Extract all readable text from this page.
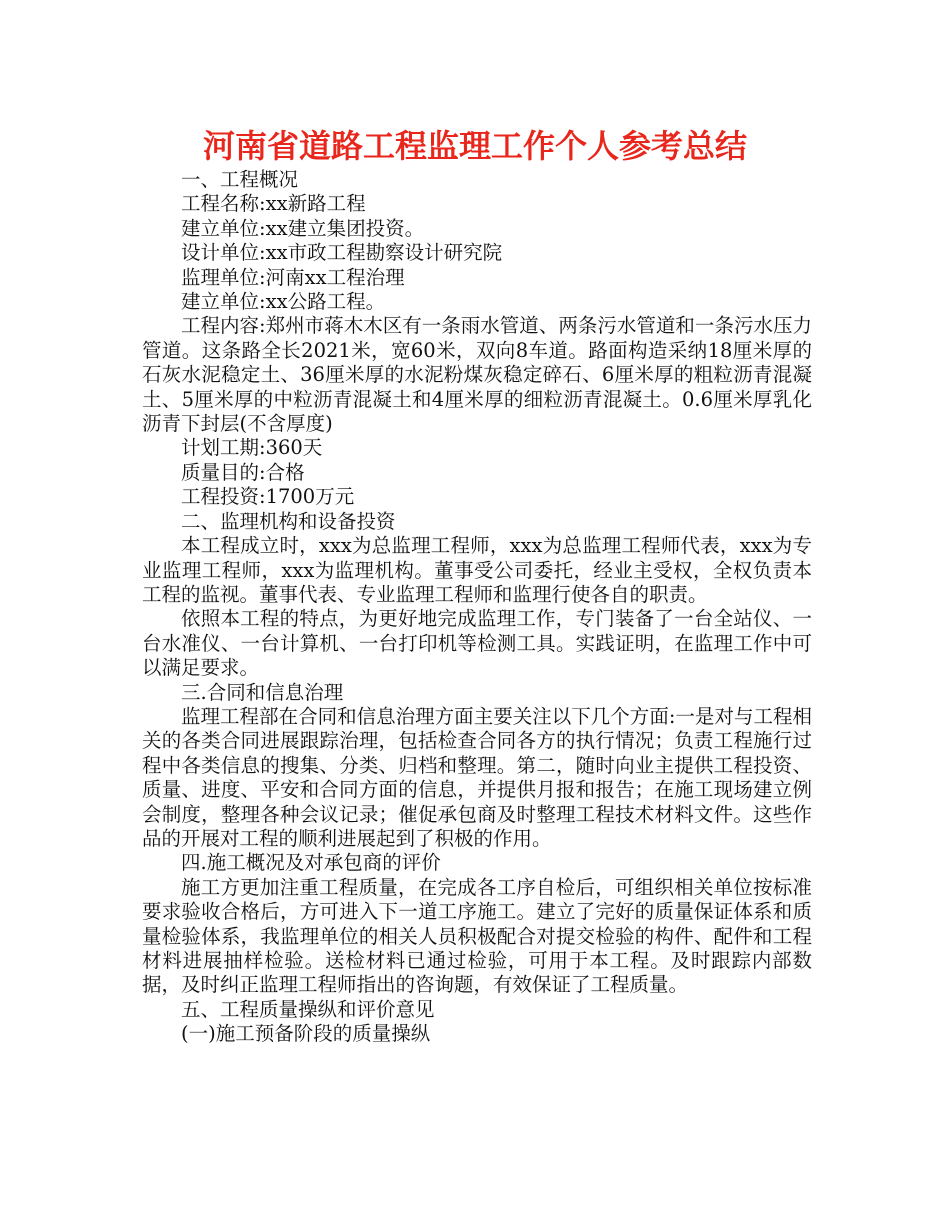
河南省道路工程监理工作个人参考总结

一、工程概况

工程名称:xx新路工程

建立单位:xx建立集团投资。

设计单位:xx市政工程勘察设计研究院

监理单位:河南xx工程治理

建立单位:xx公路工程。

工程内容:郑州市蒋木木区有一条雨水管道、两条污水管道和一条污水压力管道。这条路全长2021米，宽60米，双向8车道。路面构造采纳18厘米厚的石灰水泥稳定土、36厘米厚的水泥粉煤灰稳定碎石、6厘米厚的粗粒沥青混凝土、5厘米厚的中粒沥青混凝土和4厘米厚的细粒沥青混凝土。0.6厘米厚乳化沥青下封层(不含厚度)

计划工期:360天

质量目的:合格

工程投资:1700万元

二、监理机构和设备投资

本工程成立时，xxx为总监理工程师，xxx为总监理工程师代表，xxx为专业监理工程师，xxx为监理机构。董事受公司委托，经业主受权，全权负责本工程的监视。董事代表、专业监理工程师和监理行使各自的职责。

依照本工程的特点，为更好地完成监理工作，专门装备了一台全站仪、一台水准仪、一台计算机、一台打印机等检测工具。实践证明，在监理工作中可以满足要求。

三.合同和信息治理

监理工程部在合同和信息治理方面主要关注以下几个方面:一是对与工程相关的各类合同进展跟踪治理，包括检查合同各方的执行情况；负责工程施行过程中各类信息的搜集、分类、归档和整理。第二，随时向业主提供工程投资、质量、进度、平安和合同方面的信息，并提供月报和报告；在施工现场建立例会制度，整理各种会议记录；催促承包商及时整理工程技术材料文件。这些作品的开展对工程的顺利进展起到了积极的作用。

四.施工概况及对承包商的评价

施工方更加注重工程质量，在完成各工序自检后，可组织相关单位按标准要求验收合格后，方可进入下一道工序施工。建立了完好的质量保证体系和质量检验体系，我监理单位的相关人员积极配合对提交检验的构件、配件和工程材料进展抽样检验。送检材料已通过检验，可用于本工程。及时跟踪内部数据，及时纠正监理工程师指出的咨询题，有效保证了工程质量。

五、工程质量操纵和评价意见

(一)施工预备阶段的质量操纵
